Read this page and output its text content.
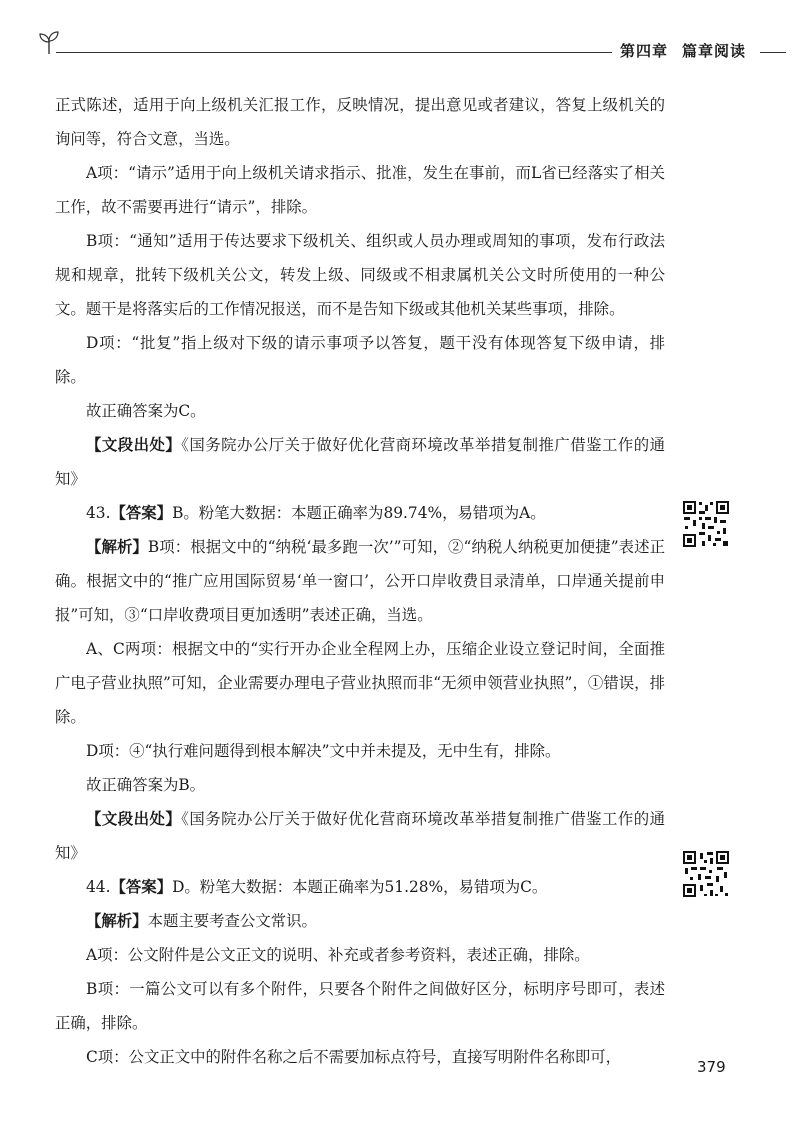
第四章 篇章阅读

正式陈述，适用于向上级机关汇报工作，反映情况，提出意见或者建议，答复上级机关的询问等，符合文意，当选。

A项：“请示”适用于向上级机关请求指示、批准，发生在事前，而L省已经落实了相关工作，故不需要再进行“请示”，排除。

B项：“通知”适用于传达要求下级机关、组织或人员办理或周知的事项，发布行政法规和规章，批转下级机关公文，转发上级、同级或不相隶属机关公文时所使用的一种公文。题干是将落实后的工作情况报送，而不是告知下级或其他机关某些事项，排除。

D项：“批复”指上级对下级的请示事项予以答复，题干没有体现答复下级申请，排除。

故正确答案为C。

【文段出处】《国务院办公厅关于做好优化营商环境改革举措复制推广借鉴工作的通知》

43.【答案】B。粉笔大数据：本题正确率为89.74%，易错项为A。

【解析】B项：根据文中的“纳税‘最多跑一次’”可知，②“纳税人纳税更加便捷”表述正确。根据文中的“推广应用国际贸易‘单一窗口’，公开口岸收费目录清单，口岸通关提前申报”可知，③“口岸收费项目更加透明”表述正确，当选。

A、C两项：根据文中的“实行开办企业全程网上办，压缩企业设立登记时间，全面推广电子营业执照”可知，企业需要办理电子营业执照而非“无须申领营业执照”，①错误，排除。

D项：④“执行难问题得到根本解决”文中并未提及，无中生有，排除。

故正确答案为B。

【文段出处】《国务院办公厅关于做好优化营商环境改革举措复制推广借鉴工作的通知》

44.【答案】D。粉笔大数据：本题正确率为51.28%，易错项为C。

【解析】本题主要考查公文常识。

A项：公文附件是公文正文的说明、补充或者参考资料，表述正确，排除。

B项：一篇公文可以有多个附件，只要各个附件之间做好区分，标明序号即可，表述正确，排除。

C项：公文正文中的附件名称之后不需要加标点符号，直接写明附件名称即可，

379
